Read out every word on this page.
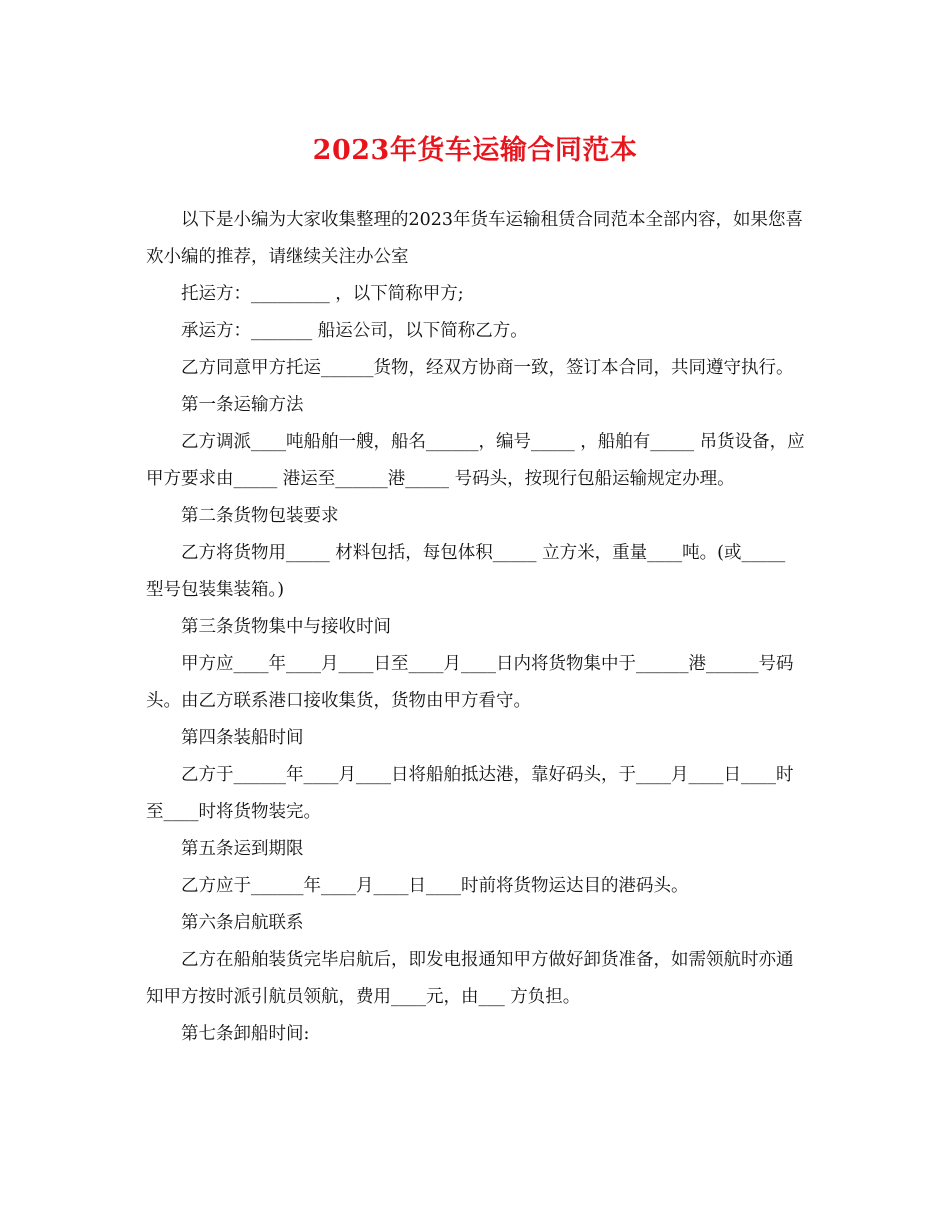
2023年货车运输合同范本

以下是小编为大家收集整理的2023年货车运输租赁合同范本全部内容，如果您喜欢小编的推荐，请继续关注办公室

托运方：_________ ，以下简称甲方;

承运方：_______ 船运公司，以下简称乙方。

乙方同意甲方托运______货物，经双方协商一致，签订本合同，共同遵守执行。

第一条运输方法

乙方调派____吨船舶一艘，船名______，编号_____ ，船舶有_____ 吊货设备，应甲方要求由_____ 港运至______港_____ 号码头，按现行包船运输规定办理。

第二条货物包装要求

乙方将货物用_____ 材料包括，每包体积_____ 立方米，重量____吨。(或_____ 型号包装集装箱。)

第三条货物集中与接收时间

甲方应____年____月____日至____月____日内将货物集中于______港______号码头。由乙方联系港口接收集货，货物由甲方看守。

第四条装船时间

乙方于______年____月____日将船舶抵达港，靠好码头，于____月____日____时至____时将货物装完。

第五条运到期限

乙方应于______年____月____日____时前将货物运达目的港码头。

第六条启航联系

乙方在船舶装货完毕启航后，即发电报通知甲方做好卸货准备，如需领航时亦通知甲方按时派引航员领航，费用____元，由___ 方负担。

第七条卸船时间:
